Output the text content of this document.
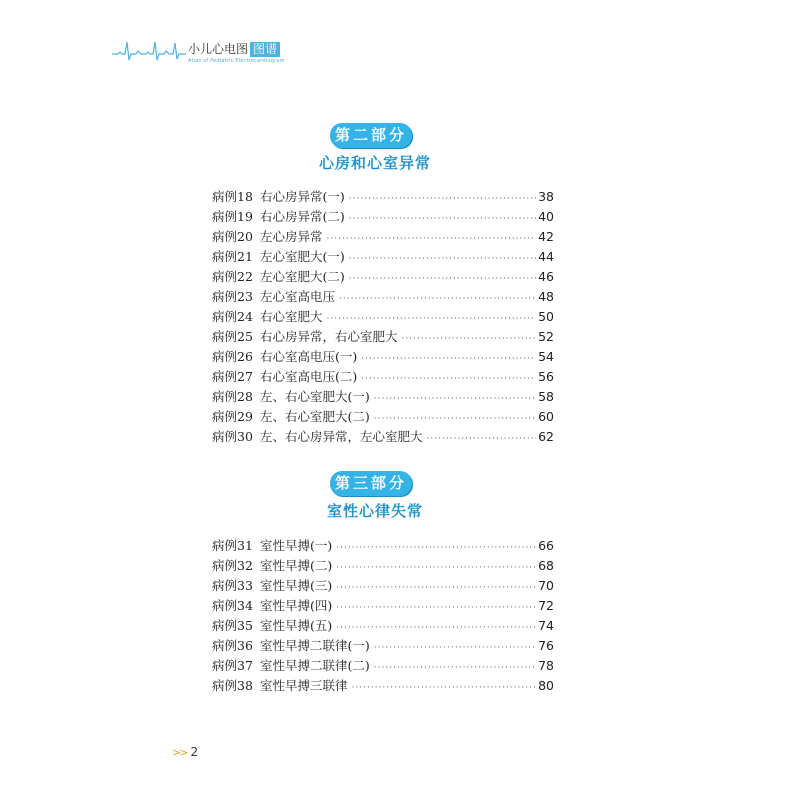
小儿心电图 图谱
Atlas of Pediatric Electrocardiogram
第二部分
心房和心室异常
病例18 右心房异常(一) ·····	38
病例19 右心房异常(二) ·····	40
病例20 左心房异常 ·····	42
病例21 左心室肥大(一) ·····	44
病例22 左心室肥大(二) ·····	46
病例23 左心室高电压 ·····	48
病例24 右心室肥大 ·····	50
病例25 右心房异常，右心室肥大 ·····	52
病例26 右心室高电压(一) ·····	54
病例27 右心室高电压(二) ·····	56
病例28 左、右心室肥大(一) ·····	58
病例29 左、右心室肥大(二) ·····	60
病例30 左、右心房异常，左心室肥大 ·····	62
第三部分
室性心律失常
病例31 室性早搏(一) ·····	66
病例32 室性早搏(二) ·····	68
病例33 室性早搏(三) ·····	70
病例34 室性早搏(四) ·····	72
病例35 室性早搏(五) ·····	74
病例36 室性早搏二联律(一) ·····	76
病例37 室性早搏二联律(二) ·····	78
病例38 室性早搏三联律 ·····	80
>> 2
